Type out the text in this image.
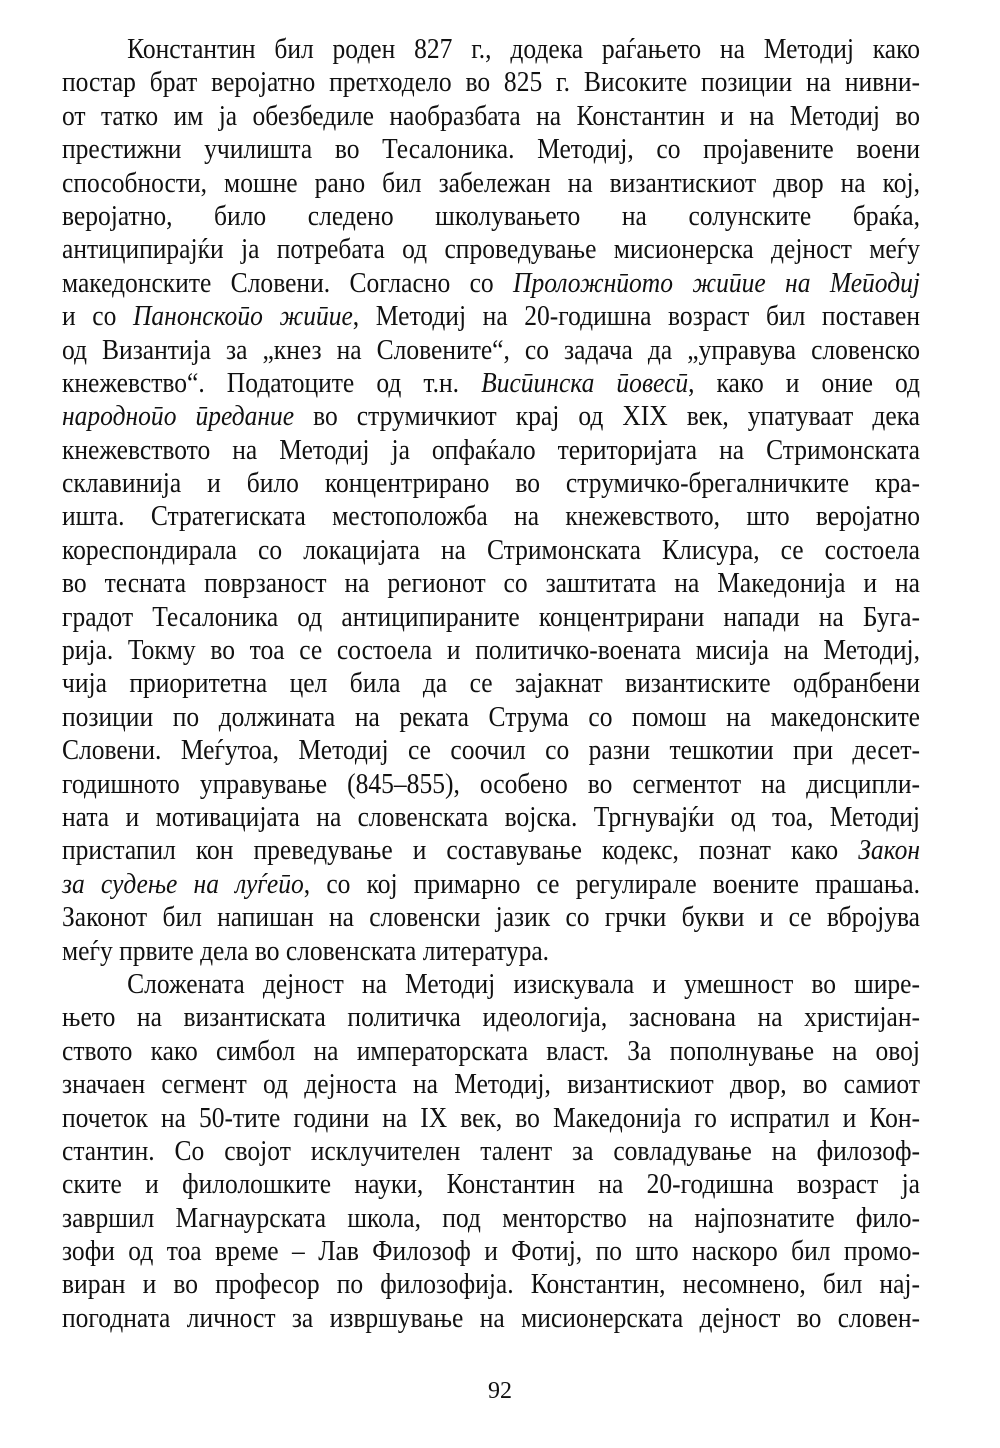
Константин бил роден 827 г., додека раѓањето на Методиј како
постар брат веројатно претходело во 825 г. Високите позиции на нивни-
от татко им ја обезбедиле наобразбата на Константин и на Методиј во
престижни училишта во Тесалоника. Методиј, со пројавените воени
способности, мошне рано бил забележан на византискиот двор на кој,
веројатно, било следено школувањето на солунските браќа,
антиципирајќи ја потребата од спроведување мисионерска дејност меѓу
македонските Словени. Согласно со Проложнӣото жиӣие на Меӣодиј
и со Панонскоӣо жиӣие, Методиј на 20-годишна возраст бил поставен
од Византија за „кнез на Словените“, со задача да „управува словенско
кнежевство“. Податоците од т.н. Висӣинска ӣовесӣ, како и оние од
народноӣо ӣредание во струмичкиот крај од XIX век, упатуваат дека
кнежевството на Методиј ја опфаќало територијата на Стримонската
склавинија и било концентрирано во струмичко-брегалничките кра-
ишта. Стратегиската местоположба на кнежевството, што веројатно
кореспондирала со локацијата на Стримонската Клисура, се состоела
во тесната поврзаност на регионот со заштитата на Македонија и на
градот Тесалоника од антиципираните концентрирани напади на Буга-
рија. Токму во тоа се состоела и политичко-воената мисија на Методиј,
чија приоритетна цел била да се зајакнат византиските одбранбени
позиции по должината на реката Струма со помош на македонските
Словени. Меѓутоа, Методиј се соочил со разни тешкотии при десет-
годишното управување (845–855), особено во сегментот на дисципли-
ната и мотивацијата на словенската војска. Тргнувајќи од тоа, Методиј
пристапил кон преведување и составување кодекс, познат како Закон
за судење на луѓеӣо, со кој примарно се регулирале воените прашања.
Законот бил напишан на словенски јазик со грчки букви и се вбројува
меѓу првите дела во словенската литература.
Сложената дејност на Методиј изискувала и умешност во шире-
њето на византиската политичка идеологија, заснована на христијан-
ството како симбол на императорската власт. За пополнување на овој
значаен сегмент од дејноста на Методиј, византискиот двор, во самиот
почеток на 50-тите години на IX век, во Македонија го испратил и Кон-
стантин. Со својот исклучителен талент за совладување на филозоф-
ските и филолошките науки, Константин на 20-годишна возраст ја
завршил Магнаурската школа, под менторство на најпознатите фило-
зофи од тоа време – Лав Филозоф и Фотиј, по што наскоро бил промо-
виран и во професор по филозофија. Константин, несомнено, бил нај-
погодната личност за извршување на мисионерската дејност во словен-
92
